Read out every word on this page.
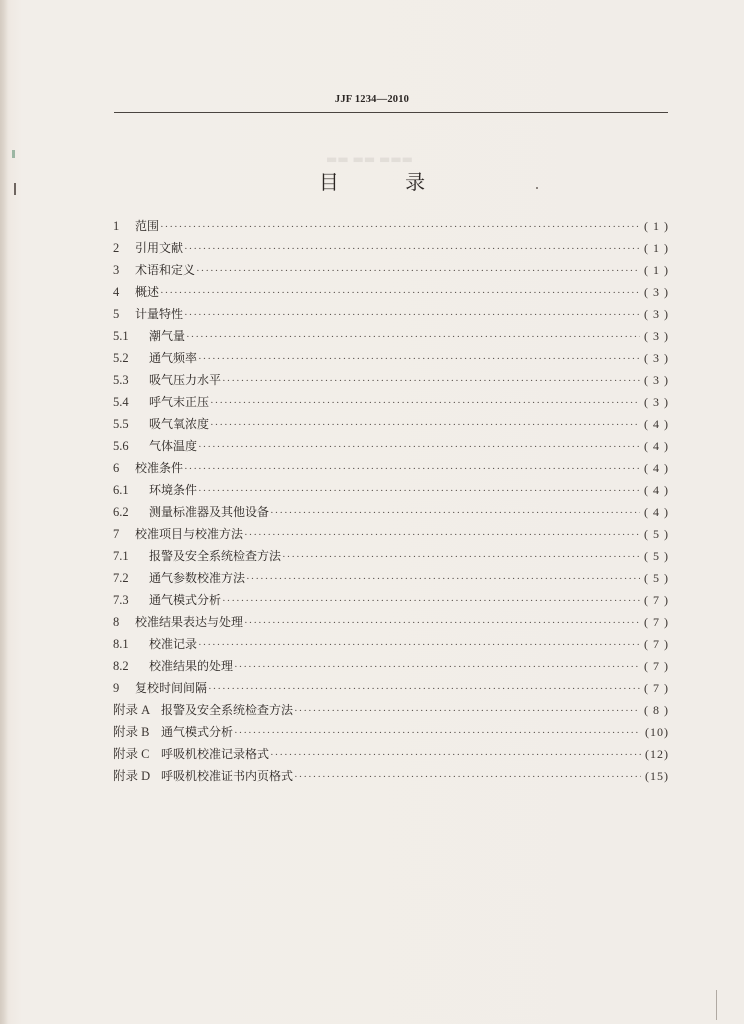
▬▬ ▬▬ ▬▬▬
JJF 1234—2010
目 录
1	范围 ·····	( 1 )
2	引用文献 ·····	( 1 )
3	术语和定义 ·····	( 1 )
4	概述 ·····	( 3 )
5	计量特性 ·····	( 3 )
5.1	潮气量 ·····	( 3 )
5.2	通气频率 ·····	( 3 )
5.3	吸气压力水平 ·····	( 3 )
5.4	呼气末正压 ·····	( 3 )
5.5	吸气氧浓度 ·····	( 4 )
5.6	气体温度 ·····	( 4 )
6	校准条件 ·····	( 4 )
6.1	环境条件 ·····	( 4 )
6.2	测量标准器及其他设备 ·····	( 4 )
7	校准项目与校准方法 ·····	( 5 )
7.1	报警及安全系统检查方法 ·····	( 5 )
7.2	通气参数校准方法 ·····	( 5 )
7.3	通气模式分析 ·····	( 7 )
8	校准结果表达与处理 ·····	( 7 )
8.1	校准记录 ·····	( 7 )
8.2	校准结果的处理 ·····	( 7 )
9	复校时间间隔 ·····	( 7 )
附录 A 报警及安全系统检查方法 ·····	( 8 )
附录 B 通气模式分析 ·····	(10)
附录 C 呼吸机校准记录格式 ·····	(12)
附录 D 呼吸机校准证书内页格式 ·····	(15)
